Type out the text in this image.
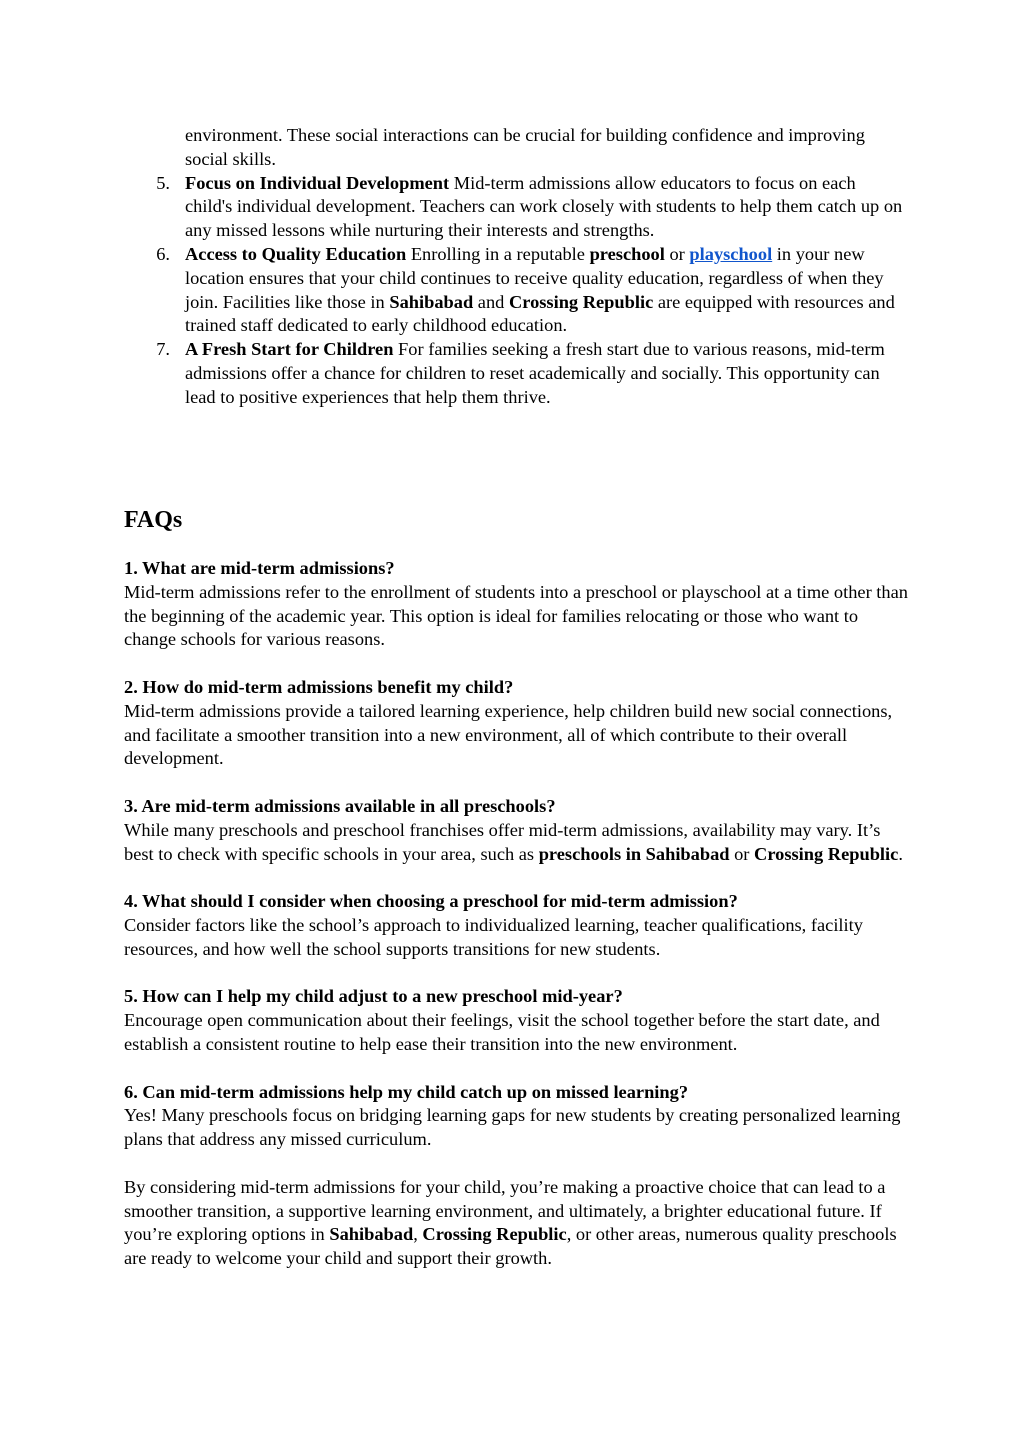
environment. These social interactions can be crucial for building confidence and improving social skills.
5. Focus on Individual Development Mid-term admissions allow educators to focus on each child's individual development. Teachers can work closely with students to help them catch up on any missed lessons while nurturing their interests and strengths.
6. Access to Quality Education Enrolling in a reputable preschool or playschool in your new location ensures that your child continues to receive quality education, regardless of when they join. Facilities like those in Sahibabad and Crossing Republic are equipped with resources and trained staff dedicated to early childhood education.
7. A Fresh Start for Children For families seeking a fresh start due to various reasons, mid-term admissions offer a chance for children to reset academically and socially. This opportunity can lead to positive experiences that help them thrive.
FAQs
1. What are mid-term admissions?
Mid-term admissions refer to the enrollment of students into a preschool or playschool at a time other than the beginning of the academic year. This option is ideal for families relocating or those who want to change schools for various reasons.
2. How do mid-term admissions benefit my child?
Mid-term admissions provide a tailored learning experience, help children build new social connections, and facilitate a smoother transition into a new environment, all of which contribute to their overall development.
3. Are mid-term admissions available in all preschools?
While many preschools and preschool franchises offer mid-term admissions, availability may vary. It’s best to check with specific schools in your area, such as preschools in Sahibabad or Crossing Republic.
4. What should I consider when choosing a preschool for mid-term admission?
Consider factors like the school’s approach to individualized learning, teacher qualifications, facility resources, and how well the school supports transitions for new students.
5. How can I help my child adjust to a new preschool mid-year?
Encourage open communication about their feelings, visit the school together before the start date, and establish a consistent routine to help ease their transition into the new environment.
6. Can mid-term admissions help my child catch up on missed learning?
Yes! Many preschools focus on bridging learning gaps for new students by creating personalized learning plans that address any missed curriculum.
By considering mid-term admissions for your child, you’re making a proactive choice that can lead to a smoother transition, a supportive learning environment, and ultimately, a brighter educational future. If you’re exploring options in Sahibabad, Crossing Republic, or other areas, numerous quality preschools are ready to welcome your child and support their growth.
